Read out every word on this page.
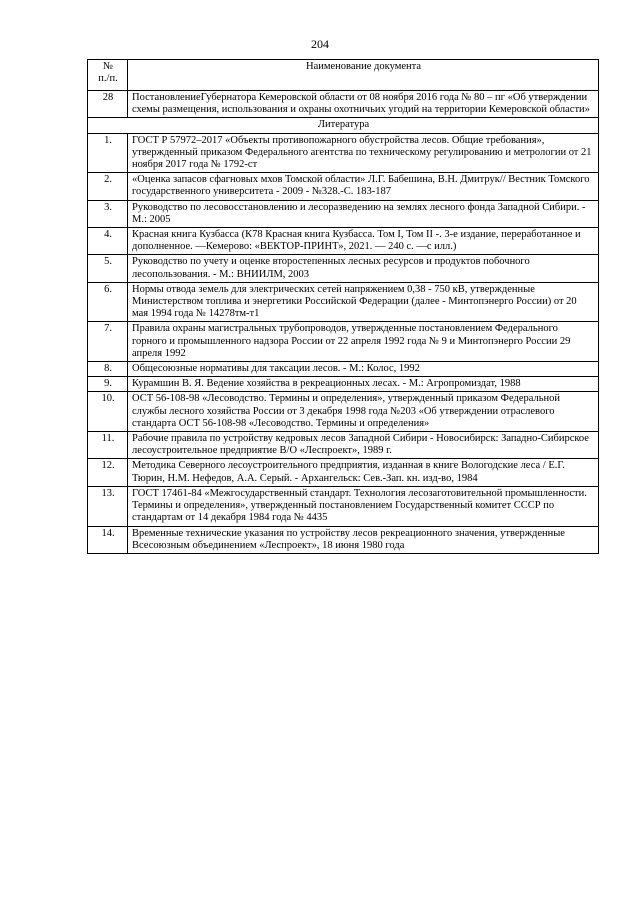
204
№
п./п.	Наименование документа
28	ПостановлениеГубернатора Кемеровской области от 08 ноября 2016 года № 80 – пг «Об утверждении схемы размещения, использования и охраны охотничьих угодий на территории Кемеровской области»
Литература	
1.	ГОСТ Р 57972–2017 «Объекты противопожарного обустройства лесов. Общие требования», утвержденный приказом Федерального агентства по техническому регулированию и метрологии от 21 ноября 2017 года № 1792-ст
2.	«Оценка запасов сфагновых мхов Томской области» Л.Г. Бабешина, В.Н. Дмитрук// Вестник Томского государственного университета - 2009 - №328.-С. 183-187
3.	Руководство по лесовосстановлению и лесоразведению на землях лесного фонда Западной Сибири. - М.: 2005
4.	Красная книга Кузбасса (К78 Красная книга Кузбасса. Том I, Том II -. 3-е издание, переработанное и дополненное. —Кемерово: «ВЕКТОР-ПРИНТ», 2021. — 240 с. —с илл.)
5.	Руководство по учету и оценке второстепенных лесных ресурсов и продуктов побочного лесопользования. - М.: ВНИИЛМ, 2003
6.	Нормы отвода земель для электрических сетей напряжением 0,38 - 750 кВ, утвержденные Министерством топлива и энергетики Российской Федерации (далее - Минтопэнерго России) от 20 мая 1994 года № 14278тм-т1
7.	Правила охраны магистральных трубопроводов, утвержденные постановлением Федерального горного и промышленного надзора России от 22 апреля 1992 года № 9 и Минтопэнерго России 29 апреля 1992
8.	Общесоюзные нормативы для таксации лесов. - М.: Колос, 1992
9.	Курамшин В. Я. Ведение хозяйства в рекреационных лесах. - М.: Агропромиздат, 1988
10.	ОСТ 56-108-98 «Лесоводство. Термины и определения», утвержденный приказом Федеральной службы лесного хозяйства России от 3 декабря 1998 года №203 «Об утверждении отраслевого стандарта ОСТ 56-108-98 «Лесоводство. Термины и определения»
11.	Рабочие правила по устройству кедровых лесов Западной Сибири - Новосибирск: Западно-Сибирское лесоустроительное предприятие В/О «Леспроект», 1989 г.
12.	Методика Северного лесоустроительного предприятия, изданная в книге Вологодские леса / Е.Г. Тюрин, Н.М. Нефедов, А.А. Серый. - Архангельск: Сев.-Зап. кн. изд-во, 1984
13.	ГОСТ 17461-84 «Межгосударственный стандарт. Технология лесозаготовительной промышленности. Термины и определения», утвержденный постановлением Государственный комитет СССР по стандартам от 14 декабря 1984 года № 4435
14.	Временные технические указания по устройству лесов рекреационного значения, утвержденные Всесоюзным объединением «Леспроект», 18 июня 1980 года
